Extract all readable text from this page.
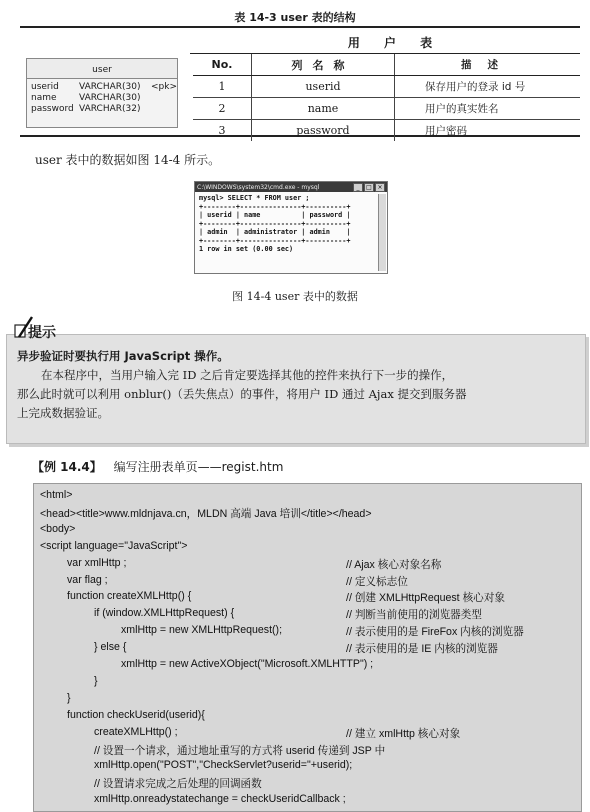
表 14-3 user 表的结构
用 户 表
user
userid	VARCHAR(30)	<pk>
name	VARCHAR(30)
password VARCHAR(32)
No.	列名称	描述
1	userid	保存用户的登录 id 号
2	name	用户的真实姓名
3	password	用户密码
user 表中的数据如图 14-4 所示。
C:\WINDOWS\system32\cmd.exe - mysql	_	□ ×
mysql> SELECT * FROM user ;
+--------+---------------+----------+
| userid | name          | password |
+--------+---------------+----------+
| admin  | administrator | admin    |
+--------+---------------+----------+
1 row in set (0.00 sec)
图 14-4 user 表中的数据
异步验证时要执行用 JavaScript 操作。
在本程序中，当用户输入完 ID 之后肯定要选择其他的控件来执行下一步的操作，
那么此时就可以利用 onblur()（丢失焦点）的事件，将用户 ID 通过 Ajax 提交到服务器
上完成数据验证。
提示
【例 14.4】 编写注册表单页——regist.htm
<html>
<head><title>www.mldnjava.cn，MLDN 高端 Java 培训</title></head>
<body>
<script language="JavaScript">
var xmlHttp ;	// Ajax 核心对象名称
var flag ;	// 定义标志位
function createXMLHttp() {	// 创建 XMLHttpRequest 核心对象
if (window.XMLHttpRequest) {	// 判断当前使用的浏览器类型
xmlHttp = new XMLHttpRequest();	// 表示使用的是 FireFox 内核的浏览器
} else {	// 表示使用的是 IE 内核的浏览器
xmlHttp = new ActiveXObject("Microsoft.XMLHTTP") ;
}
}
function checkUserid(userid){
createXMLHttp() ;	// 建立 xmlHttp 核心对象
// 设置一个请求，通过地址重写的方式将 userid 传递到 JSP 中
xmlHttp.open("POST","CheckServlet?userid="+userid);
// 设置请求完成之后处理的回调函数
xmlHttp.onreadystatechange = checkUseridCallback ;
